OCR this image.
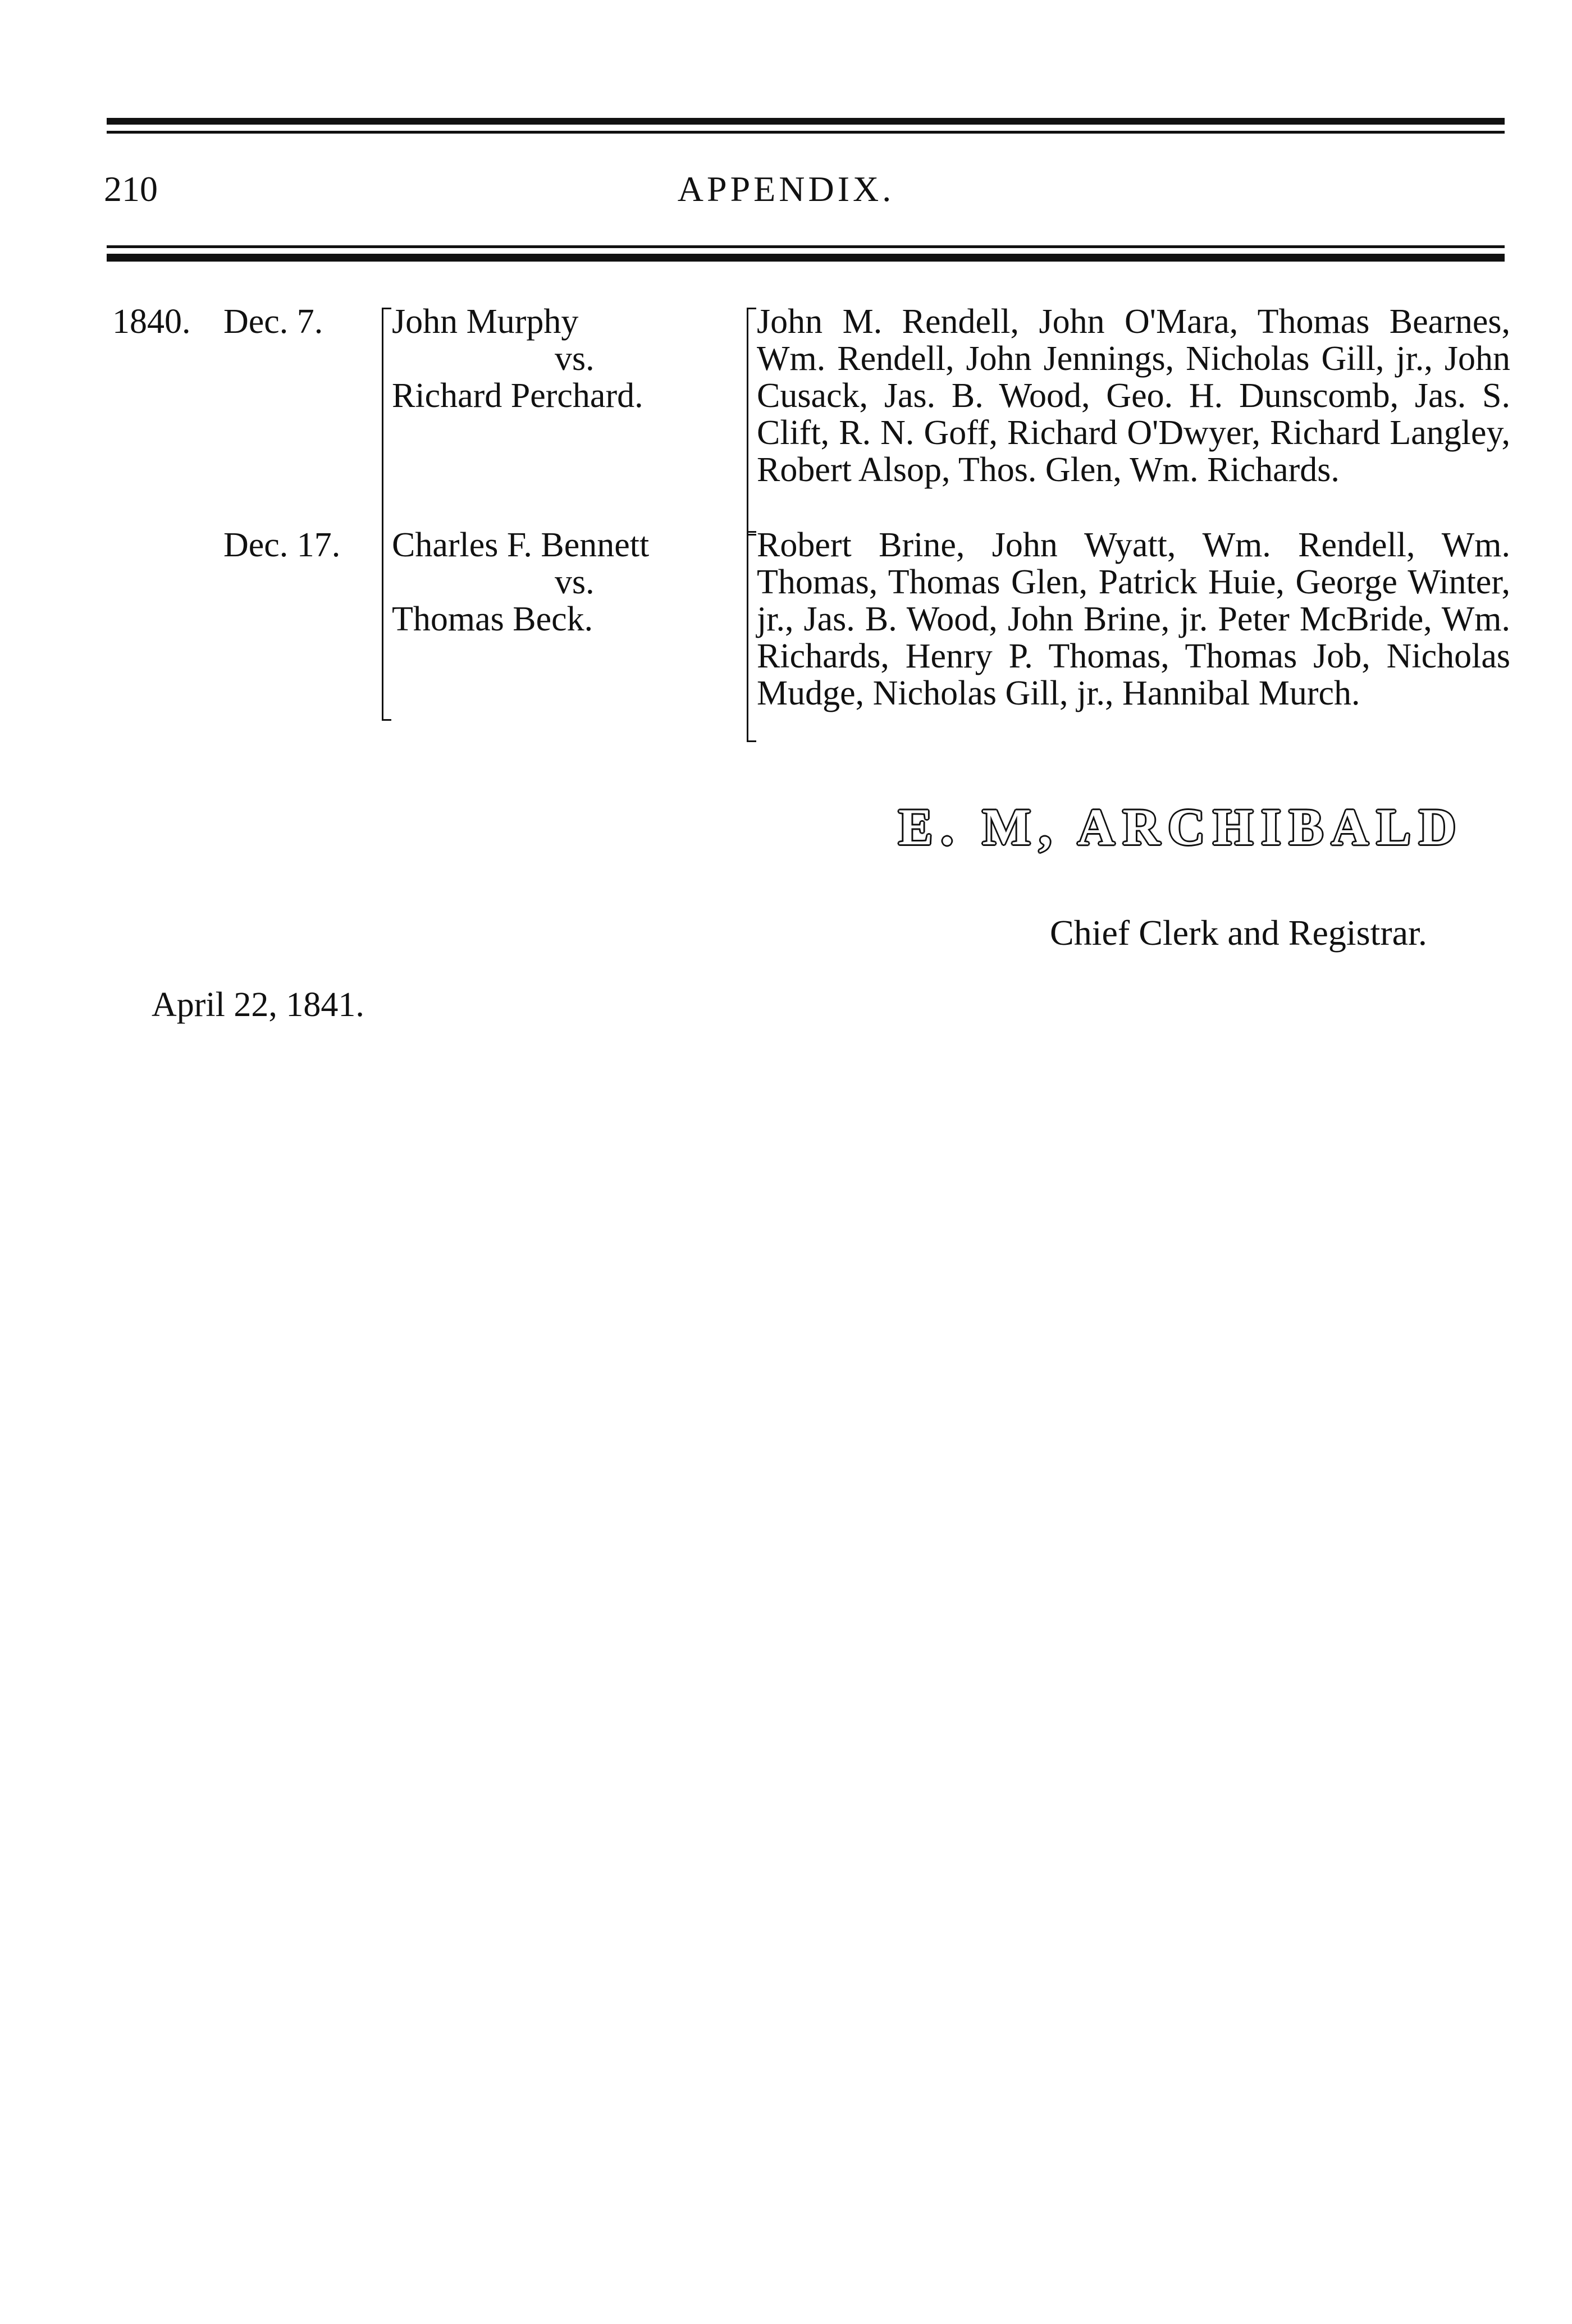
210	APPENDIX.
1840. Dec. 7. John Murphy
vs.
Richard Perchard.
John M. Rendell, John O'Mara, Thomas Bearnes, Wm. Rendell, John Jennings, Nicholas Gill, jr., John Cusack, Jas. B. Wood, Geo. H. Dunscomb, Jas. S. Clift, R. N. Goff, Richard O'Dwyer, Richard Langley, Robert Alsop, Thos. Glen, Wm. Richards.
Dec. 17. Charles F. Bennett
vs.
Thomas Beck.
Robert Brine, John Wyatt, Wm. Rendell, Wm. Thomas, Thomas Glen, Patrick Huie, George Winter, jr., Jas. B. Wood, John Brine, jr. Peter McBride, Wm. Richards, Henry P. Thomas, Thomas Job, Nicholas Mudge, Nicholas Gill, jr., Hannibal Murch.
E. M, ARCHIBALD
Chief Clerk and Registrar.
April 22, 1841.
